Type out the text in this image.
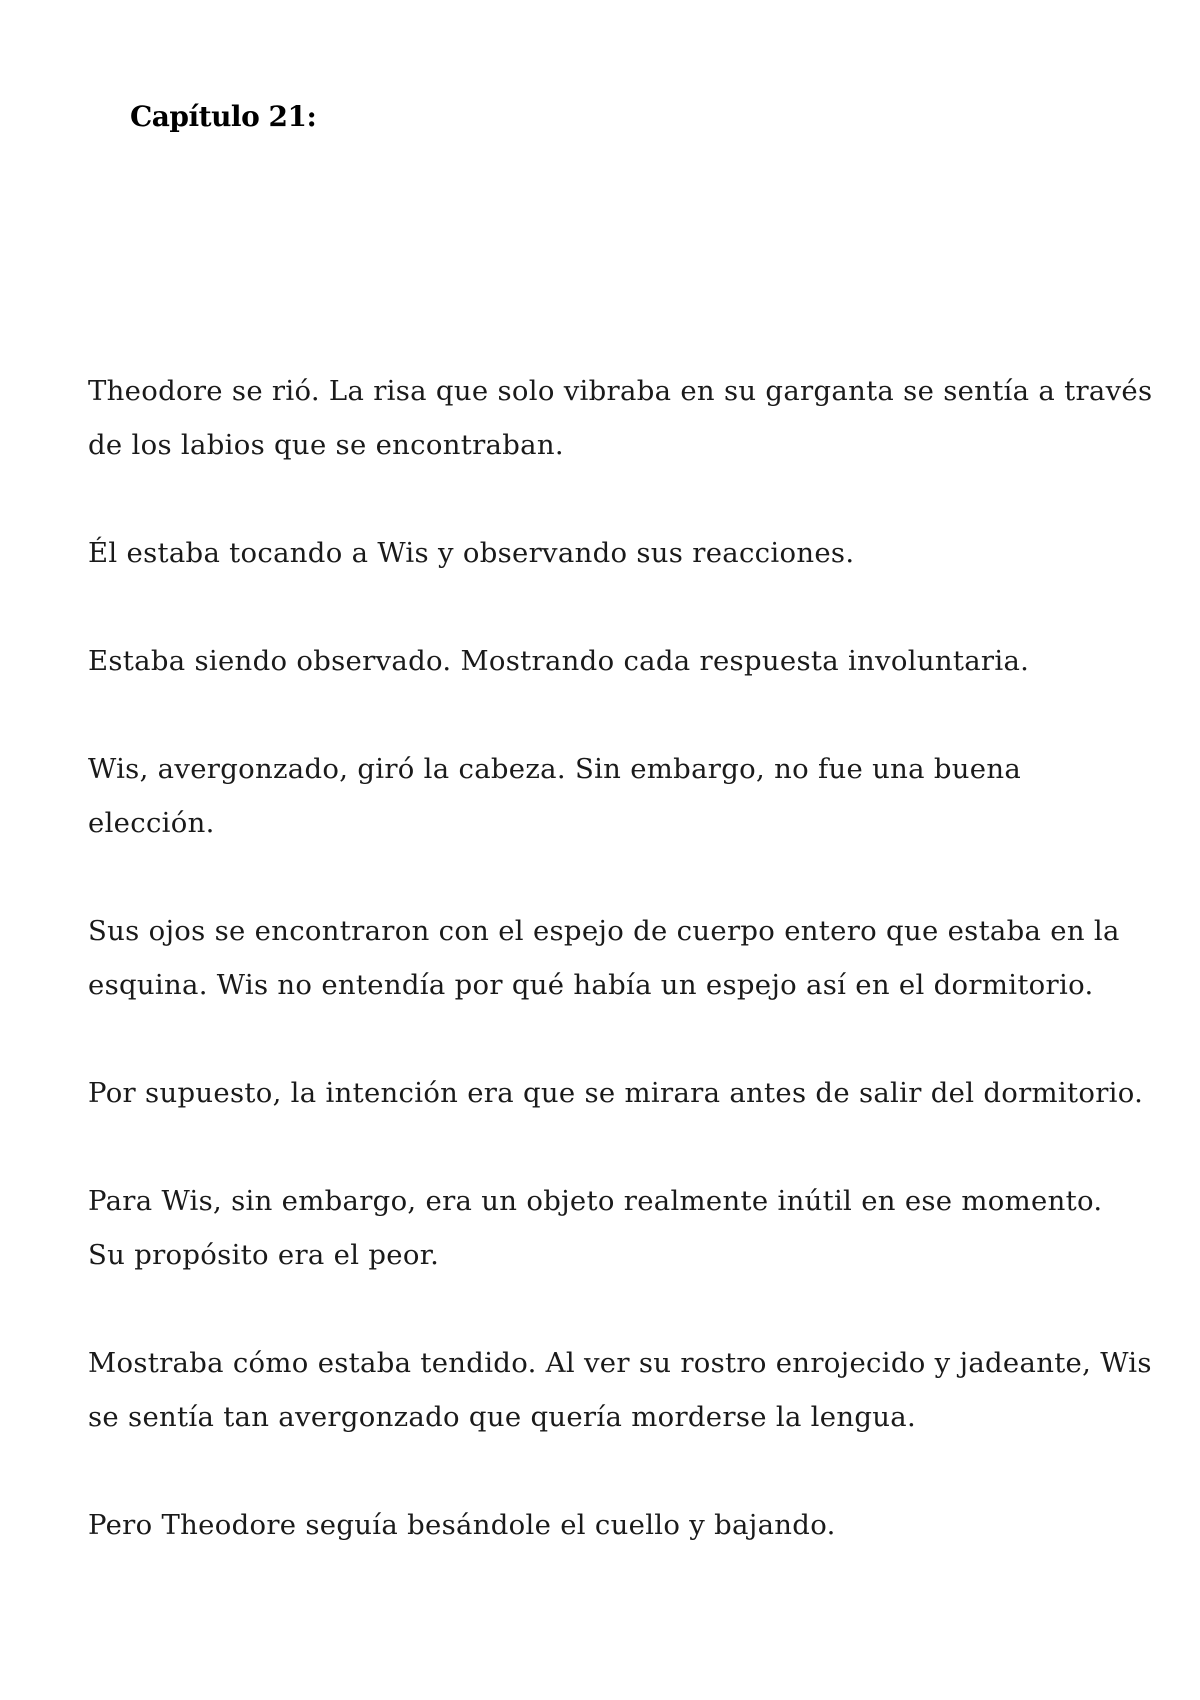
Capítulo 21:

Theodore se rió. La risa que solo vibraba en su garganta se sentía a través
de los labios que se encontraban.

Él estaba tocando a Wis y observando sus reacciones.

Estaba siendo observado. Mostrando cada respuesta involuntaria.

Wis, avergonzado, giró la cabeza. Sin embargo, no fue una buena
elección.

Sus ojos se encontraron con el espejo de cuerpo entero que estaba en la
esquina. Wis no entendía por qué había un espejo así en el dormitorio.

Por supuesto, la intención era que se mirara antes de salir del dormitorio.

Para Wis, sin embargo, era un objeto realmente inútil en ese momento.
Su propósito era el peor.

Mostraba cómo estaba tendido. Al ver su rostro enrojecido y jadeante, Wis
se sentía tan avergonzado que quería morderse la lengua.

Pero Theodore seguía besándole el cuello y bajando.
